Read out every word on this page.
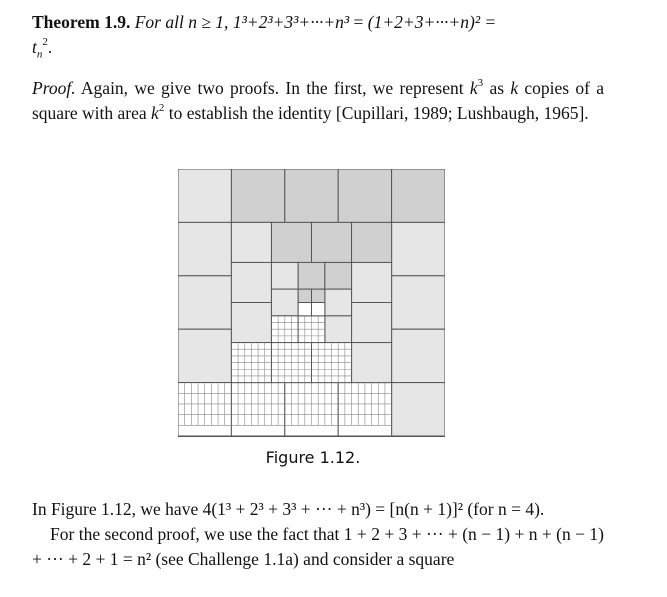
Theorem 1.9. For all n ≥ 1, 1³+2³+3³+···+n³ = (1+2+3+···+n)² =
$t_n^2$.

Proof. Again, we give two proofs. In the first, we represent $k^3$ as k copies of a square with area $k^2$ to establish the identity [Cupillari, 1989; Lushbaugh, 1965].

Figure 1.12.

In Figure 1.12, we have 4(1³ + 2³ + 3³ + ··· + n³) = [n(n + 1)]² (for n = 4).
For the second proof, we use the fact that 1 + 2 + 3 + ··· + (n − 1) + n + (n − 1) + ··· + 2 + 1 = n² (see Challenge 1.1a) and consider a square
